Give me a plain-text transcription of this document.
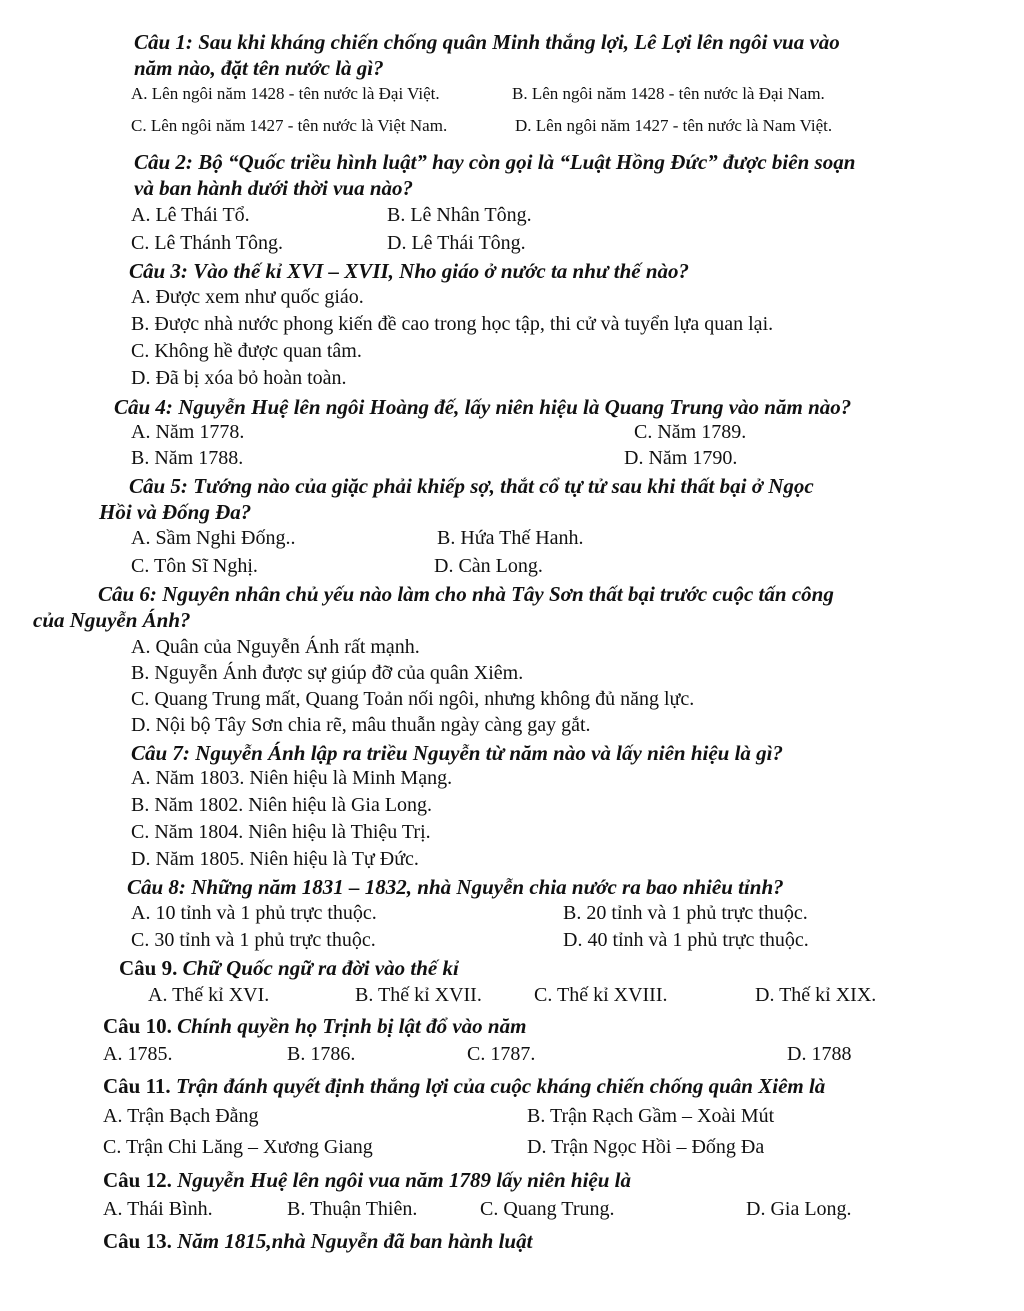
Câu 1: Sau khi kháng chiến chống quân Minh thắng lợi, Lê Lợi lên ngôi vua vào
năm nào, đặt tên nước là gì?
A. Lên ngôi năm 1428 - tên nước là Đại Việt.	B. Lên ngôi năm 1428 - tên nước là Đại Nam.
C. Lên ngôi năm 1427 - tên nước là Việt Nam.	D. Lên ngôi năm 1427 - tên nước là Nam Việt.
Câu 2: Bộ “Quốc triều hình luật” hay còn gọi là “Luật Hồng Đức” được biên soạn
và ban hành dưới thời vua nào?
A. Lê Thái Tổ.	B. Lê Nhân Tông.
C. Lê Thánh Tông.	D. Lê Thái Tông.
Câu 3: Vào thế kỉ XVI – XVII, Nho giáo ở nước ta như thế nào?
A. Được xem như quốc giáo.
B. Được nhà nước phong kiến đề cao trong học tập, thi cử và tuyển lựa quan lại.
C. Không hề được quan tâm.
D. Đã bị xóa bỏ hoàn toàn.
Câu 4: Nguyễn Huệ lên ngôi Hoàng đế, lấy niên hiệu là Quang Trung vào năm nào?
A. Năm 1778.	C. Năm 1789.
B. Năm 1788.	D. Năm 1790.
Câu 5: Tướng nào của giặc phải khiếp sợ, thắt cổ tự tử sau khi thất bại ở Ngọc
Hồi và Đống Đa?
A. Sầm Nghi Đống..	B. Hứa Thế Hanh.
C. Tôn Sĩ Nghị.	D. Càn Long.
Câu 6: Nguyên nhân chủ yếu nào làm cho nhà Tây Sơn thất bại trước cuộc tấn công
của Nguyễn Ánh?
A. Quân của Nguyễn Ánh rất mạnh.
B. Nguyễn Ánh được sự giúp đỡ của quân Xiêm.
C. Quang Trung mất, Quang Toản nối ngôi, nhưng không đủ năng lực.
D. Nội bộ Tây Sơn chia rẽ, mâu thuẫn ngày càng gay gắt.
Câu 7: Nguyễn Ánh lập ra triều Nguyễn từ năm nào và lấy niên hiệu là gì?
A. Năm 1803. Niên hiệu là Minh Mạng.
B. Năm 1802. Niên hiệu là Gia Long.
C. Năm 1804. Niên hiệu là Thiệu Trị.
D. Năm 1805. Niên hiệu là Tự Đức.
Câu 8: Những năm 1831 – 1832, nhà Nguyễn chia nước ra bao nhiêu tỉnh?
A. 10 tỉnh và 1 phủ trực thuộc.	B. 20 tỉnh và 1 phủ trực thuộc.
C. 30 tỉnh và 1 phủ trực thuộc.	D. 40 tỉnh và 1 phủ trực thuộc.
Câu 9. Chữ Quốc ngữ ra đời vào thế kỉ
A. Thế kỉ XVI.	B. Thế kỉ XVII.	C. Thế kỉ XVIII.	D. Thế kỉ XIX.
Câu 10. Chính quyền họ Trịnh bị lật đổ vào năm
A. 1785.	B. 1786.	C. 1787.	D. 1788
Câu 11. Trận đánh quyết định thắng lợi của cuộc kháng chiến chống quân Xiêm là
A. Trận Bạch Đằng	B. Trận Rạch Gầm – Xoài Mút
C. Trận Chi Lăng – Xương Giang	D. Trận Ngọc Hồi – Đống Đa
Câu 12. Nguyễn Huệ lên ngôi vua năm 1789 lấy niên hiệu là
A. Thái Bình.	B. Thuận Thiên.	C. Quang Trung.	D. Gia Long.
Câu 13. Năm 1815,nhà Nguyễn đã ban hành luật
